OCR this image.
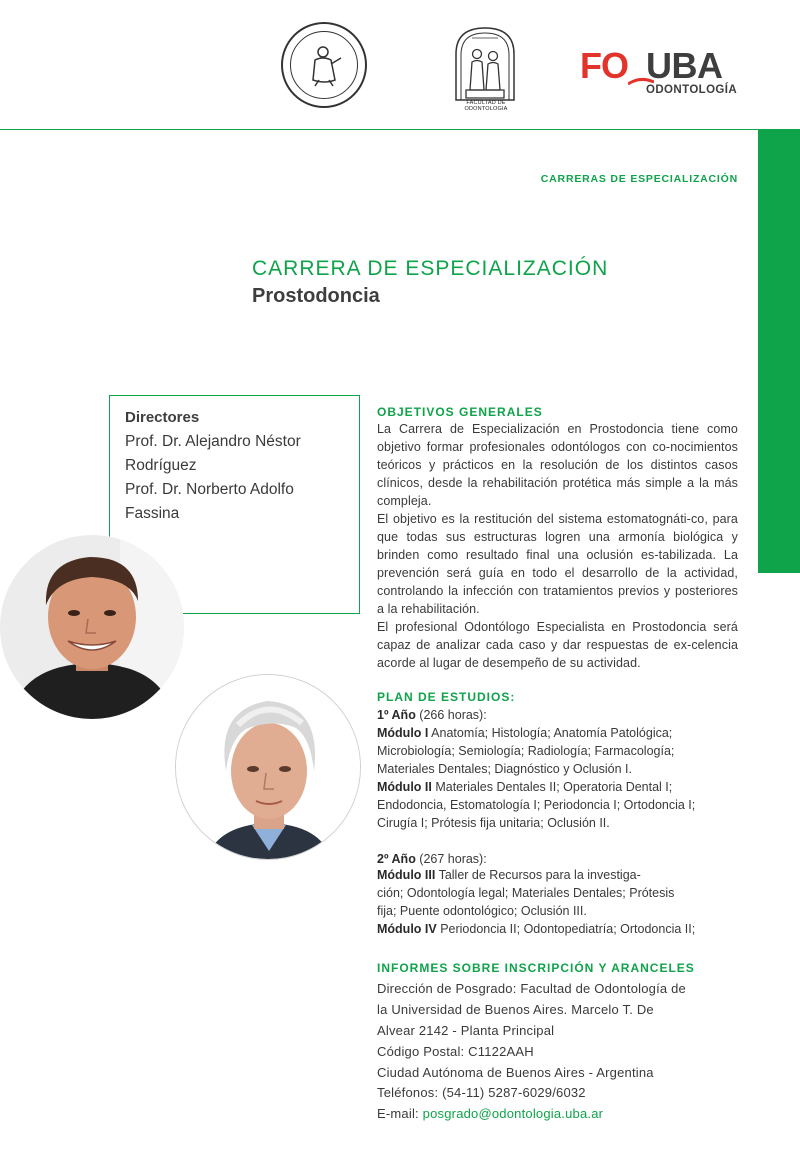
FACULTAD DE ODONTOLOGIA
FO UBA
ODONTOLOGÍA
CARRERAS DE ESPECIALIZACIÓN
CARRERA DE ESPECIALIZACIÓN
Prostodoncia
Directores
Prof. Dr. Alejandro Néstor
Rodríguez
Prof. Dr. Norberto Adolfo
Fassina
OBJETIVOS GENERALES
La Carrera de Especialización en Prostodoncia tiene como objetivo formar profesionales odontólogos con co-nocimientos teóricos y prácticos en la resolución de los distintos casos clínicos, desde la rehabilitación protética más simple a la más compleja.
El objetivo es la restitución del sistema estomatognáti-co, para que todas sus estructuras logren una armonía biológica y brinden como resultado final una oclusión es-tabilizada. La prevención será guía en todo el desarrollo de la actividad, controlando la infección con tratamientos previos y posteriores a la rehabilitación.
El profesional Odontólogo Especialista en Prostodoncia será capaz de analizar cada caso y dar respuestas de ex-celencia acorde al lugar de desempeño de su actividad.
PLAN DE ESTUDIOS:
1º Año (266 horas):
Módulo I Anatomía; Histología; Anatomía Patológica;
Microbiología; Semiología; Radiología; Farmacología;
Materiales Dentales; Diagnóstico y Oclusión I.
Módulo II Materiales Dentales II; Operatoria Dental I;
Endodoncia, Estomatología I; Periodoncia I; Ortodoncia I;
Cirugía I; Prótesis fija unitaria; Oclusión II.
2º Año (267 horas):
Módulo III Taller de Recursos para la investiga-
ción; Odontología legal; Materiales Dentales; Prótesis
fija; Puente odontológico; Oclusión III.
Módulo IV Periodoncia II; Odontopediatría; Ortodoncia II;
INFORMES SOBRE INSCRIPCIÓN Y ARANCELES
Dirección de Posgrado: Facultad de Odontología de
la Universidad de Buenos Aires. Marcelo T. De
Alvear 2142 - Planta Principal
Código Postal: C1122AAH
Ciudad Autónoma de Buenos Aires - Argentina
Teléfonos: (54-11) 5287-6029/6032
E-mail: posgrado@odontologia.uba.ar
